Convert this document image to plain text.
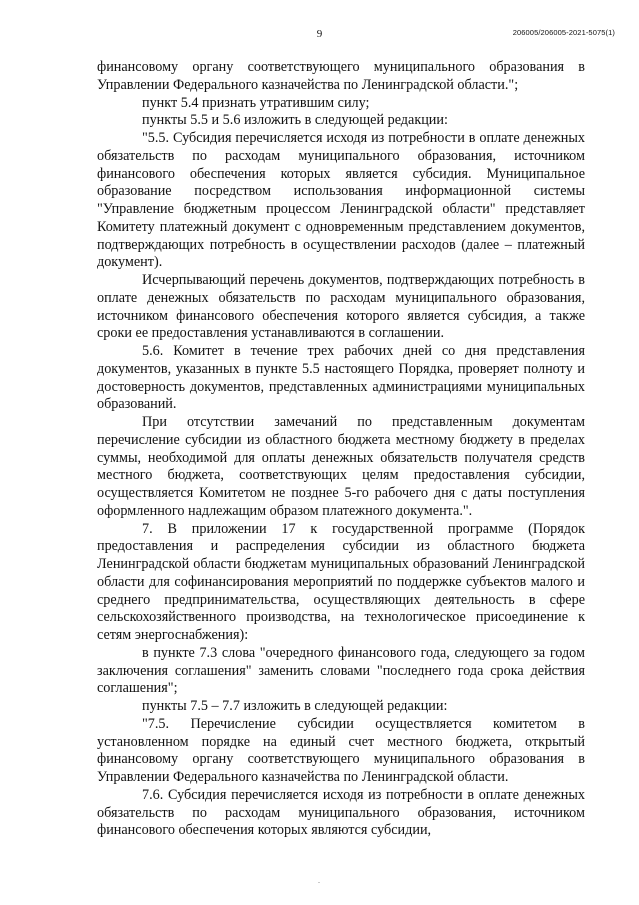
9	206005/206005-2021-5075(1)

финансовому органу соответствующего муниципального образования в Управлении Федерального казначейства по Ленинградской области.";

пункт 5.4 признать утратившим силу;

пункты 5.5 и 5.6 изложить в следующей редакции:

"5.5. Субсидия перечисляется исходя из потребности в оплате денежных обязательств по расходам муниципального образования, источником финансового обеспечения которых является субсидия. Муниципальное образование посредством использования информационной системы "Управление бюджетным процессом Ленинградской области" представляет Комитету платежный документ с одновременным представлением документов, подтверждающих потребность в осуществлении расходов (далее – платежный документ).

Исчерпывающий перечень документов, подтверждающих потребность в оплате денежных обязательств по расходам муниципального образования, источником финансового обеспечения которого является субсидия, а также сроки ее предоставления устанавливаются в соглашении.

5.6. Комитет в течение трех рабочих дней со дня представления документов, указанных в пункте 5.5 настоящего Порядка, проверяет полноту и достоверность документов, представленных администрациями муниципальных образований.

При отсутствии замечаний по представленным документам перечисление субсидии из областного бюджета местному бюджету в пределах суммы, необходимой для оплаты денежных обязательств получателя средств местного бюджета, соответствующих целям предоставления субсидии, осуществляется Комитетом не позднее 5-го рабочего дня с даты поступления оформленного надлежащим образом платежного документа.".

7. В приложении 17 к государственной программе (Порядок предоставления и распределения субсидии из областного бюджета Ленинградской области бюджетам муниципальных образований Ленинградской области для софинансирования мероприятий по поддержке субъектов малого и среднего предпринимательства, осуществляющих деятельность в сфере сельскохозяйственного производства, на технологическое присоединение к сетям энергоснабжения):

в пункте 7.3 слова "очередного финансового года, следующего за годом заключения соглашения" заменить словами "последнего года срока действия соглашения";

пункты 7.5 – 7.7 изложить в следующей редакции:

"7.5. Перечисление субсидии осуществляется комитетом в установленном порядке на единый счет местного бюджета, открытый финансовому органу соответствующего муниципального образования в Управлении Федерального казначейства по Ленинградской области.

7.6. Субсидия перечисляется исходя из потребности в оплате денежных обязательств по расходам муниципального образования, источником финансового обеспечения которых являются субсидии,

.
